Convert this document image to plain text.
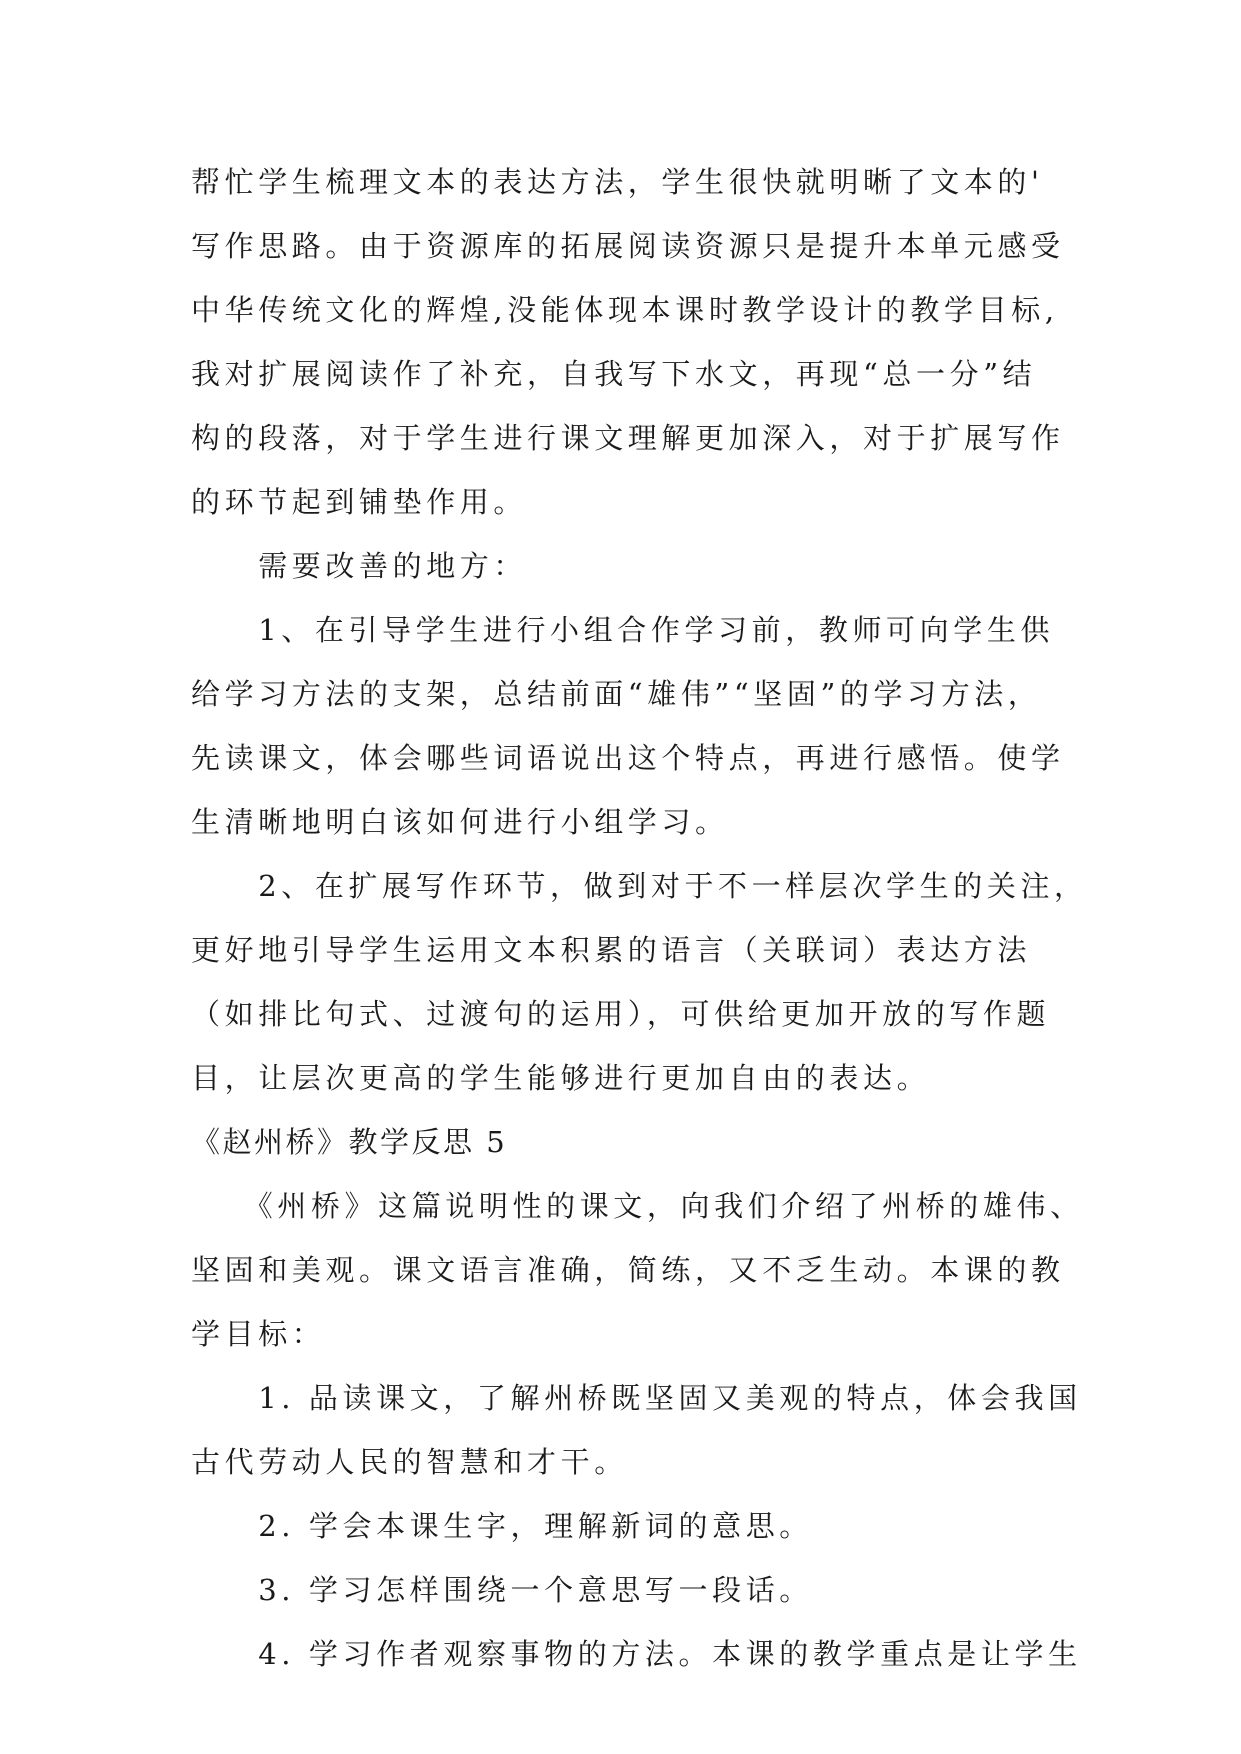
帮忙学生梳理文本的表达方法，学生很快就明晰了文本的'
写作思路。由于资源库的拓展阅读资源只是提升本单元感受
中华传统文化的辉煌,没能体现本课时教学设计的教学目标,
我对扩展阅读作了补充，自我写下水文，再现“总一分”结
构的段落，对于学生进行课文理解更加深入，对于扩展写作
的环节起到铺垫作用。
　　需要改善的地方：
　　1、在引导学生进行小组合作学习前，教师可向学生供
给学习方法的支架，总结前面“雄伟”“坚固”的学习方法，
先读课文，体会哪些词语说出这个特点，再进行感悟。使学
生清晰地明白该如何进行小组学习。
　　2、在扩展写作环节，做到对于不一样层次学生的关注，
更好地引导学生运用文本积累的语言（关联词）表达方法
（如排比句式、过渡句的运用），可供给更加开放的写作题
目，让层次更高的学生能够进行更加自由的表达。
《赵州桥》教学反思 5
　　《州桥》这篇说明性的课文，向我们介绍了州桥的雄伟、
坚固和美观。课文语言准确，简练，又不乏生动。本课的教
学目标：
　　1. 品读课文，了解州桥既坚固又美观的特点，体会我国
古代劳动人民的智慧和才干。
　　2. 学会本课生字，理解新词的意思。
　　3. 学习怎样围绕一个意思写一段话。
　　4. 学习作者观察事物的方法。本课的教学重点是让学生
